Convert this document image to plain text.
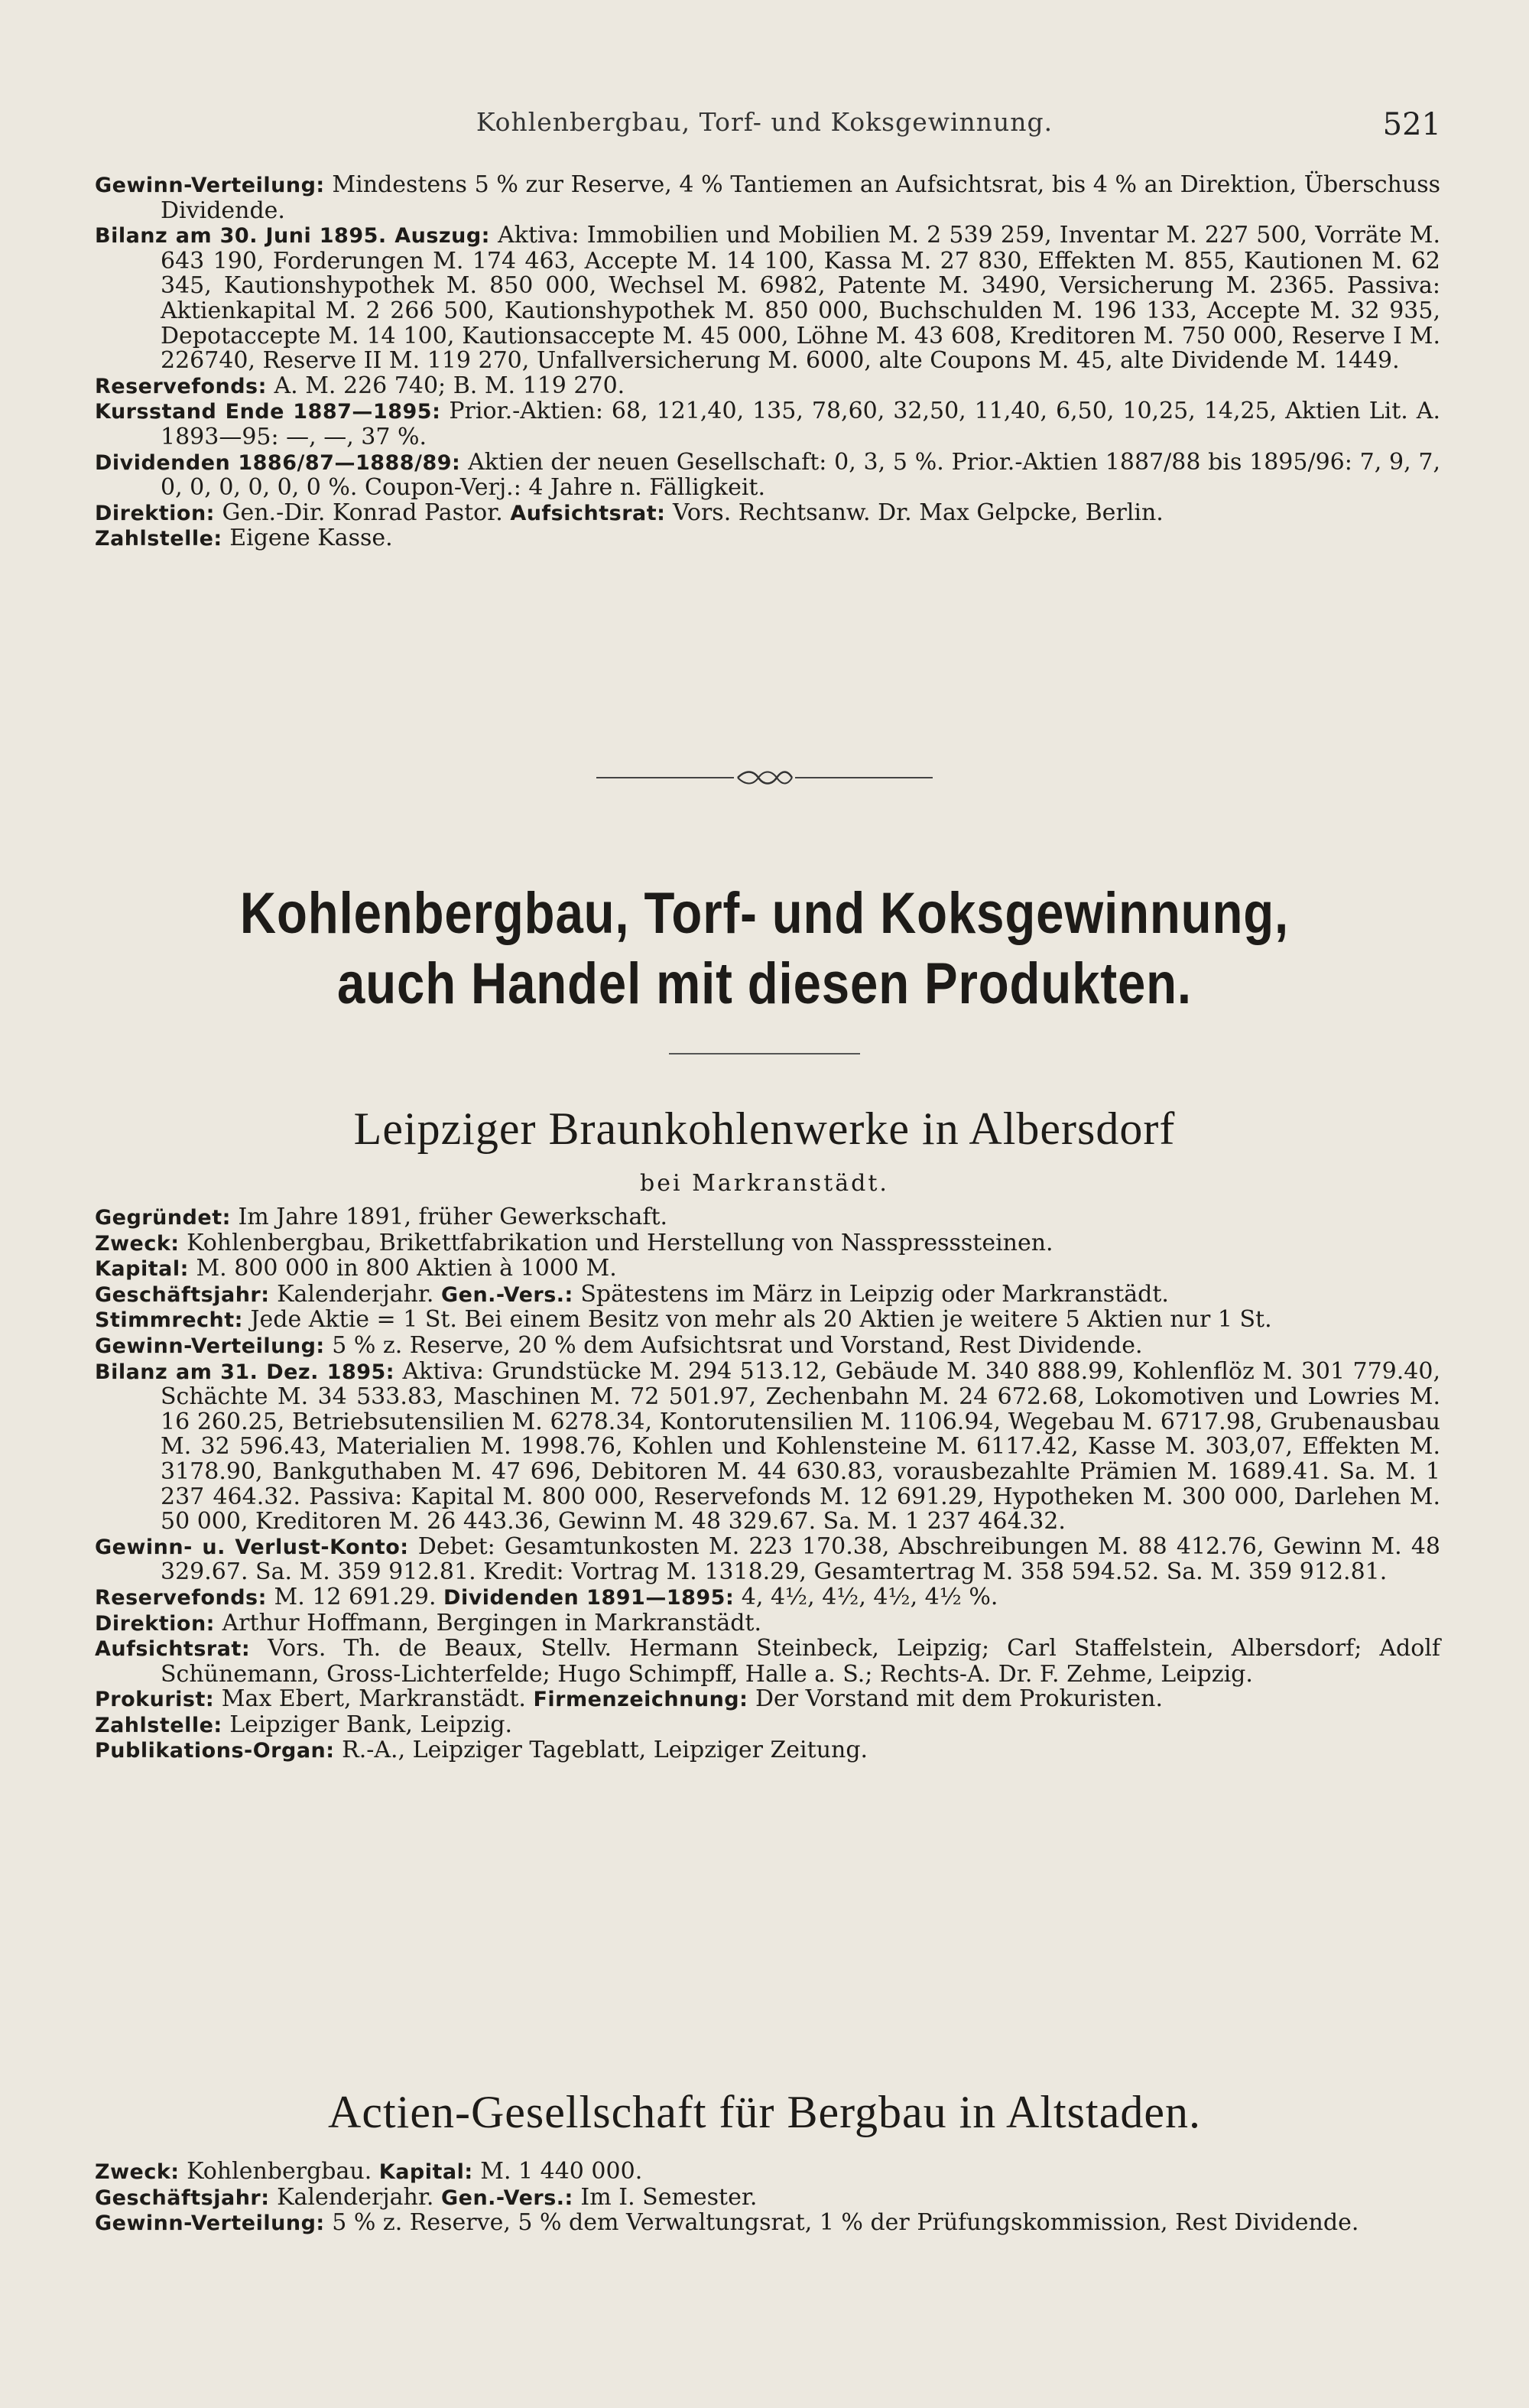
Kohlenbergbau, Torf- und Koksgewinnung.	521

Gewinn-Verteilung: Mindestens 5 % zur Reserve, 4 % Tantiemen an Aufsichtsrat, bis 4 % an Direktion, Überschuss Dividende.

Bilanz am 30. Juni 1895. Auszug: Aktiva: Immobilien und Mobilien M. 2 539 259, Inventar M. 227 500, Vorräte M. 643 190, Forderungen M. 174 463, Accepte M. 14 100, Kassa M. 27 830, Effekten M. 855, Kautionen M. 62 345, Kautionshypothek M. 850 000, Wechsel M. 6982, Patente M. 3490, Versicherung M. 2365. Passiva: Aktienkapital M. 2 266 500, Kautionshypothek M. 850 000, Buchschulden M. 196 133, Accepte M. 32 935, Depotaccepte M. 14 100, Kautionsaccepte M. 45 000, Löhne M. 43 608, Kreditoren M. 750 000, Reserve I M. 226740, Reserve II M. 119 270, Unfallversicherung M. 6000, alte Coupons M. 45, alte Dividende M. 1449.

Reservefonds: A. M. 226 740; B. M. 119 270.

Kursstand Ende 1887—1895: Prior.-Aktien: 68, 121,40, 135, 78,60, 32,50, 11,40, 6,50, 10,25, 14,25, Aktien Lit. A. 1893—95: —, —, 37 %.

Dividenden 1886/87—1888/89: Aktien der neuen Gesellschaft: 0, 3, 5 %. Prior.-Aktien 1887/88 bis 1895/96: 7, 9, 7, 0, 0, 0, 0, 0, 0 %. Coupon-Verj.: 4 Jahre n. Fälligkeit.

Direktion: Gen.-Dir. Konrad Pastor. Aufsichtsrat: Vors. Rechtsanw. Dr. Max Gelpcke, Berlin.

Zahlstelle: Eigene Kasse.

Kohlenbergbau, Torf- und Koksgewinnung,
auch Handel mit diesen Produkten.
Leipziger Braunkohlenwerke in Albersdorf
bei Markranstädt.

Gegründet: Im Jahre 1891, früher Gewerkschaft.

Zweck: Kohlenbergbau, Brikettfabrikation und Herstellung von Nasspresssteinen.

Kapital: M. 800 000 in 800 Aktien à 1000 M.

Geschäftsjahr: Kalenderjahr. Gen.-Vers.: Spätestens im März in Leipzig oder Markranstädt.

Stimmrecht: Jede Aktie = 1 St. Bei einem Besitz von mehr als 20 Aktien je weitere 5 Aktien nur 1 St.

Gewinn-Verteilung: 5 % z. Reserve, 20 % dem Aufsichtsrat und Vorstand, Rest Dividende.

Bilanz am 31. Dez. 1895: Aktiva: Grundstücke M. 294 513.12, Gebäude M. 340 888.99, Kohlenflöz M. 301 779.40, Schächte M. 34 533.83, Maschinen M. 72 501.97, Zechenbahn M. 24 672.68, Lokomotiven und Lowries M. 16 260.25, Betriebsutensilien M. 6278.34, Kontorutensilien M. 1106.94, Wegebau M. 6717.98, Grubenausbau M. 32 596.43, Materialien M. 1998.76, Kohlen und Kohlensteine M. 6117.42, Kasse M. 303,07, Effekten M. 3178.90, Bankguthaben M. 47 696, Debitoren M. 44 630.83, vorausbezahlte Prämien M. 1689.41. Sa. M. 1 237 464.32. Passiva: Kapital M. 800 000, Reservefonds M. 12 691.29, Hypotheken M. 300 000, Darlehen M. 50 000, Kreditoren M. 26 443.36, Gewinn M. 48 329.67. Sa. M. 1 237 464.32.

Gewinn- u. Verlust-Konto: Debet: Gesamtunkosten M. 223 170.38, Abschreibungen M. 88 412.76, Gewinn M. 48 329.67. Sa. M. 359 912.81. Kredit: Vortrag M. 1318.29, Gesamtertrag M. 358 594.52. Sa. M. 359 912.81.

Reservefonds: M. 12 691.29. Dividenden 1891—1895: 4, 4½, 4½, 4½, 4½ %.

Direktion: Arthur Hoffmann, Bergingen in Markranstädt.

Aufsichtsrat: Vors. Th. de Beaux, Stellv. Hermann Steinbeck, Leipzig; Carl Staffelstein, Albersdorf; Adolf Schünemann, Gross-Lichterfelde; Hugo Schimpff, Halle a. S.; Rechts-A. Dr. F. Zehme, Leipzig.

Prokurist: Max Ebert, Markranstädt. Firmenzeichnung: Der Vorstand mit dem Prokuristen.

Zahlstelle: Leipziger Bank, Leipzig.

Publikations-Organ: R.-A., Leipziger Tageblatt, Leipziger Zeitung.

Actien-Gesellschaft für Bergbau in Altstaden.

Zweck: Kohlenbergbau. Kapital: M. 1 440 000.

Geschäftsjahr: Kalenderjahr. Gen.-Vers.: Im I. Semester.

Gewinn-Verteilung: 5 % z. Reserve, 5 % dem Verwaltungsrat, 1 % der Prüfungskommission, Rest Dividende.
